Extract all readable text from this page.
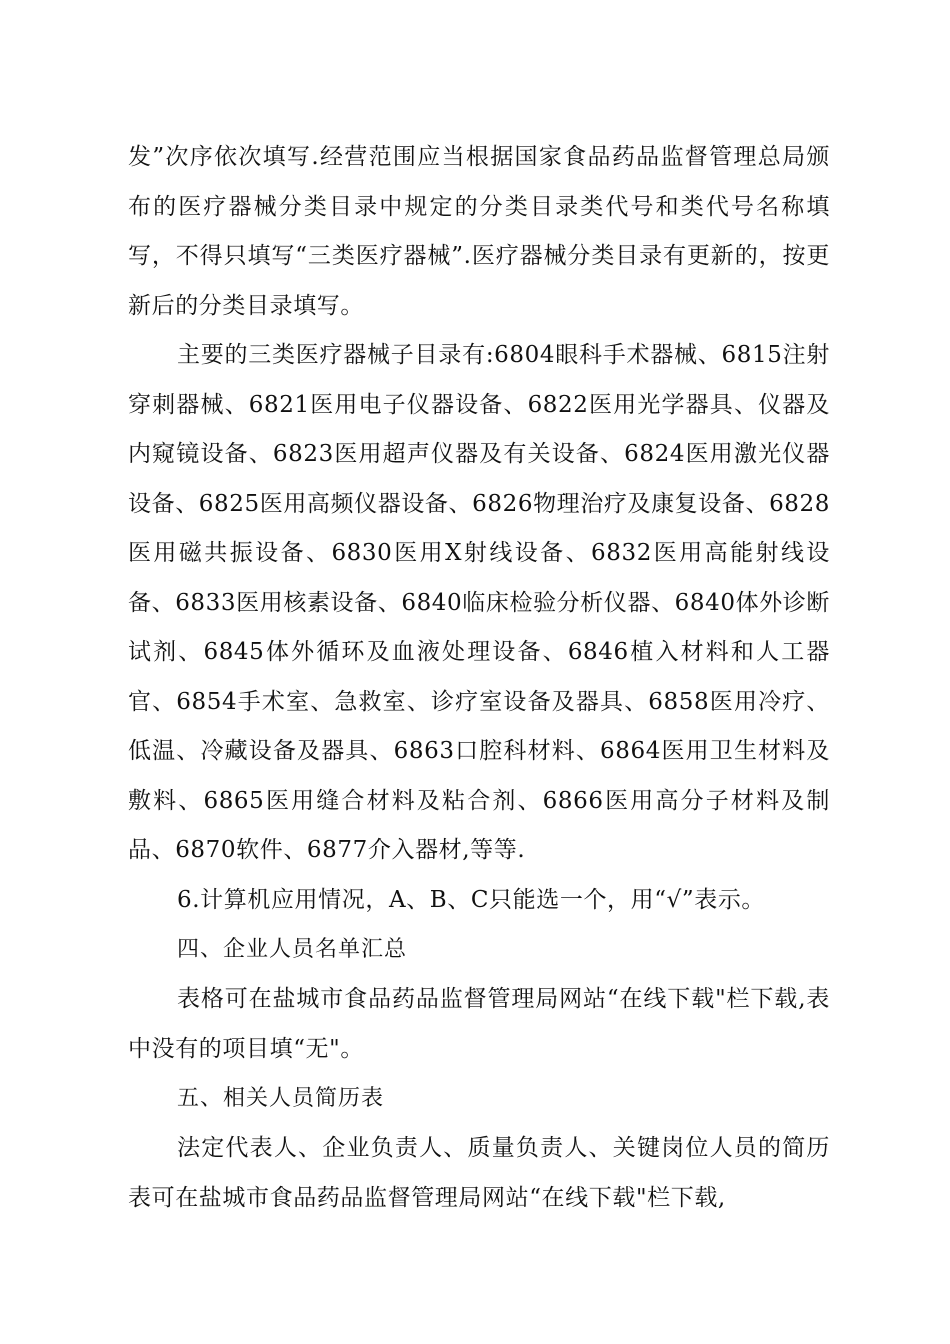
发”次序依次填写.经营范围应当根据国家食品药品监督管理总局颁布的医疗器械分类目录中规定的分类目录类代号和类代号名称填写，不得只填写“三类医疗器械”.医疗器械分类目录有更新的，按更新后的分类目录填写。

主要的三类医疗器械子目录有:6804眼科手术器械、6815注射穿刺器械、6821医用电子仪器设备、6822医用光学器具、仪器及内窥镜设备、6823医用超声仪器及有关设备、6824医用激光仪器设备、6825医用高频仪器设备、6826物理治疗及康复设备、6828医用磁共振设备、6830医用X射线设备、6832医用高能射线设备、6833医用核素设备、6840临床检验分析仪器、6840体外诊断试剂、6845体外循环及血液处理设备、6846植入材料和人工器官、6854手术室、急救室、诊疗室设备及器具、6858医用冷疗、低温、冷藏设备及器具、6863口腔科材料、6864医用卫生材料及敷料、6865医用缝合材料及粘合剂、6866医用高分子材料及制品、6870软件、6877介入器材,等等.

6.计算机应用情况，A、B、C只能选一个，用“√”表示。

四、企业人员名单汇总

表格可在盐城市食品药品监督管理局网站“在线下载"栏下载,表中没有的项目填“无"。

五、相关人员简历表

法定代表人、企业负责人、质量负责人、关键岗位人员的简历表可在盐城市食品药品监督管理局网站“在线下载"栏下载,
